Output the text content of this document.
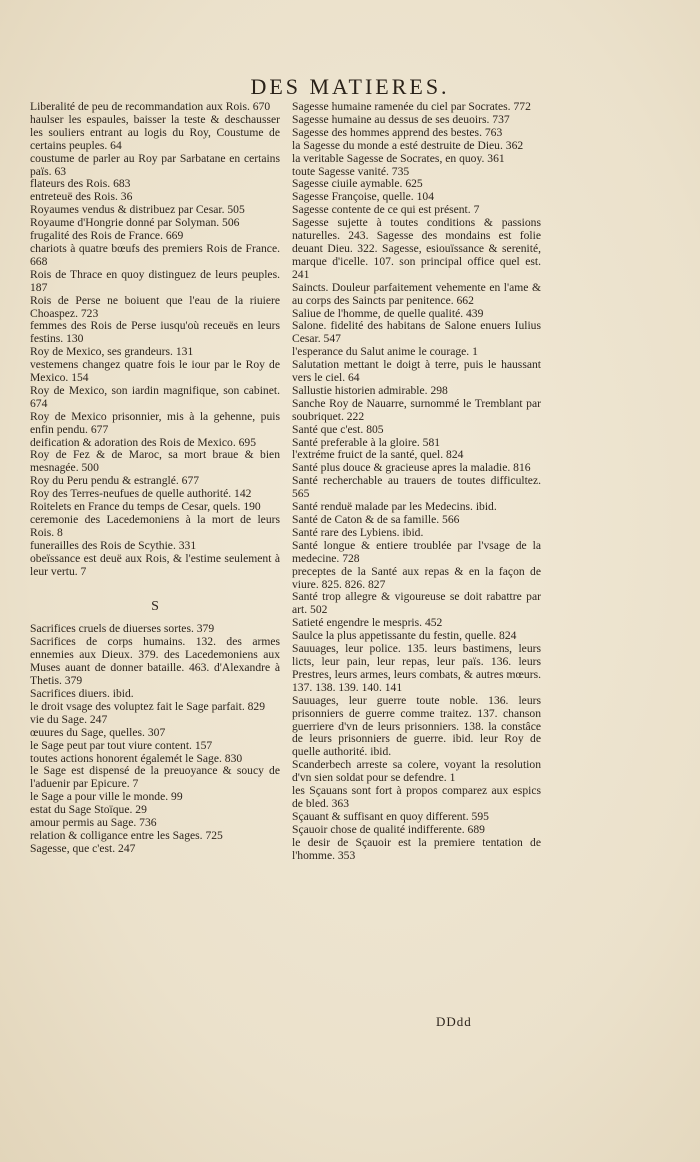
DES MATIERES.

Liberalité de peu de recommandation aux Rois. 670

haulser les espaules, baisser la teste & deschausser les souliers entrant au logis du Roy, Coustume de certains peuples. 64

coustume de parler au Roy par Sarbatane en certains païs. 63

flateurs des Rois. 683

entreteuë des Rois. 36

Royaumes vendus & distribuez par Cesar. 505

Royaume d'Hongrie donné par Solyman. 506

frugalité des Rois de France. 669

chariots à quatre bœufs des premiers Rois de France. 668

Rois de Thrace en quoy distinguez de leurs peuples. 187

Rois de Perse ne boiuent que l'eau de la riuiere Choaspez. 723

femmes des Rois de Perse iusqu'où receuës en leurs festins. 130

Roy de Mexico, ses grandeurs. 131

vestemens changez quatre fois le iour par le Roy de Mexico. 154

Roy de Mexico, son iardin magnifique, son cabinet. 674

Roy de Mexico prisonnier, mis à la gehenne, puis enfin pendu. 677

deification & adoration des Rois de Mexico. 695

Roy de Fez & de Maroc, sa mort braue & bien mesnagée. 500

Roy du Peru pendu & estranglé. 677

Roy des Terres-neufues de quelle authorité. 142

Roitelets en France du temps de Cesar, quels. 190

ceremonie des Lacedemoniens à la mort de leurs Rois. 8

funerailles des Rois de Scythie. 331

obeïssance est deuë aux Rois, & l'estime seulement à leur vertu. 7

S

Sacrifices cruels de diuerses sortes. 379

Sacrifices de corps humains. 132. des armes ennemies aux Dieux. 379. des Lacedemoniens aux Muses auant de donner bataille. 463. d'Alexandre à Thetis. 379

Sacrifices diuers. ibid.

le droit vsage des voluptez fait le Sage parfait. 829

vie du Sage. 247

œuures du Sage, quelles. 307

le Sage peut par tout viure content. 157

toutes actions honorent égalemét le Sage. 830

le Sage est dispensé de la preuoyance & soucy de l'aduenir par Epicure. 7

le Sage a pour ville le monde. 99

estat du Sage Stoïque. 29

amour permis au Sage. 736

relation & colligance entre les Sages. 725

Sagesse, que c'est. 247

Sagesse humaine ramenée du ciel par Socrates. 772

Sagesse humaine au dessus de ses deuoirs. 737

Sagesse des hommes apprend des bestes. 763

la Sagesse du monde a esté destruite de Dieu. 362

la veritable Sagesse de Socrates, en quoy. 361

toute Sagesse vanité. 735

Sagesse ciuile aymable. 625

Sagesse Françoise, quelle. 104

Sagesse contente de ce qui est présent. 7

Sagesse sujette à toutes conditions & passions naturelles. 243. Sagesse des mondains est folie deuant Dieu. 322. Sagesse, esiouïssance & serenité, marque d'icelle. 107. son principal office quel est. 241

Saincts. Douleur parfaitement vehemente en l'ame & au corps des Saincts par penitence. 662

Saliue de l'homme, de quelle qualité. 439

Salone. fidelité des habitans de Salone enuers Iulius Cesar. 547

l'esperance du Salut anime le courage. 1

Salutation mettant le doigt à terre, puis le haussant vers le ciel. 64

Sallustie historien admirable. 298

Sanche Roy de Nauarre, surnommé le Tremblant par soubriquet. 222

Santé que c'est. 805

Santé preferable à la gloire. 581

l'extréme fruict de la santé, quel. 824

Santé plus douce & gracieuse apres la maladie. 816

Santé recherchable au trauers de toutes difficultez. 565

Santé renduë malade par les Medecins. ibid.

Santé de Caton & de sa famille. 566

Santé rare des Lybiens. ibid.

Santé longue & entiere troublée par l'vsage de la medecine. 728

preceptes de la Santé aux repas & en la façon de viure. 825. 826. 827

Santé trop allegre & vigoureuse se doit rabattre par art. 502

Satieté engendre le mespris. 452

Saulce la plus appetissante du festin, quelle. 824

Sauuages, leur police. 135. leurs bastimens, leurs licts, leur pain, leur repas, leur païs. 136. leurs Prestres, leurs armes, leurs combats, & autres mœurs. 137. 138. 139. 140. 141

Sauuages, leur guerre toute noble. 136. leurs prisonniers de guerre comme traitez. 137. chanson guerriere d'vn de leurs prisonniers. 138. la constâce de leurs prisonniers de guerre. ibid. leur Roy de quelle authorité. ibid.

Scanderbech arreste sa colere, voyant la resolution d'vn sien soldat pour se defendre. 1

les Sçauans sont fort à propos comparez aux espics de bled. 363

Sçauant & suffisant en quoy different. 595

Sçauoir chose de qualité indifferente. 689

le desir de Sçauoir est la premiere tentation de l'homme. 353

DDdd
